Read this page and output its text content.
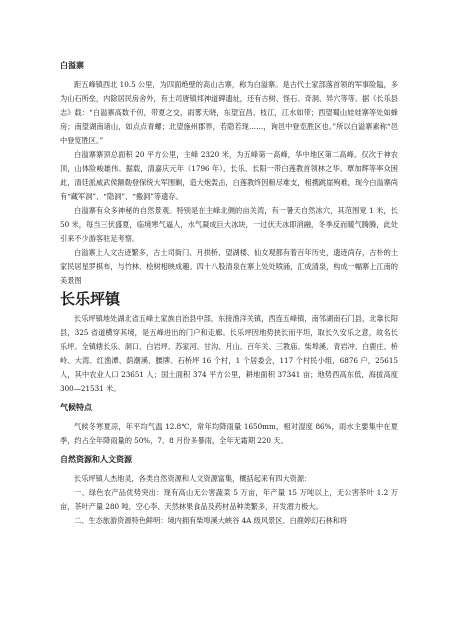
白溢寨

距五峰镇西北 10.5 公里，为四面绝壁的高山古寨，称为白溢寨。是古代土家部落首领的军事险隘，多为山石所垒，内除居民房舍外，有土司唐镇邦神道碑遗址，还有古树、怪石、奇洞、异穴等等。据《长乐县志》载：“白溢寨高数千仞，带夏之交，雨雾天晓，东望宜昌、枝江，江水如带；西望蜀山娃娃寨等处如蜂房；南望湖南诸山，如点点青螺；北望施州郡界，若隐若现……，询邑中登览胜区也。”所以白溢寨素称“邑中登览胜区。”

白溢寨寨顶总面积 20 平方公里，主峰 2320 米，为五峰第一高峰，华中地区第二高峰。仅次于神农顶，山体险峻雄伟。据载，清嘉庆元年（1796 年），长乐、长阳一带白莲教首领林之华、覃加辉等率众困此，清廷派威武侯额勒登保统大军围剿，造大炮轰击，白莲教终因粮尽难支，相携跳崖殉难，现今白溢寨尚有“藏军洞”、“隐洞”、“搬洞”等遗存。

白溢寨有众多神秘的自然景观。特别是在主峰北侧的亩关湾，有一暑天自然冰穴，其范围宽 1 米，长 50 米，每当三伏盛夏，临境寒气逼人，水气凝成巨大冰块，一过伏天冰即消融，冬季反而暖气腾腾，此处引来不少游客驻足考察。

白溢寨上人文古迹繁多，古土司衙门、月拱桥、望湖楼、仙女观都有着百年历史，遗迹尚存，古朴的土家民居星罗棋布，与竹林、桧树相映成趣。四十八股清泉在寨上处处喷涌，汇成清泉，构成一幅寨上江南的美景图

长乐坪镇

长乐坪镇地处湖北省五峰土家族自治县中部，东接渔洋关镇，西连五峰镇，南邻湖南石门县，北靠长阳县，325 省道横穿其境，是五峰进出的门户和走廊。长乐坪因地势狭长而平坦，取长久安乐之意，故名长乐坪。全镇辖长乐、洞口、白岩坪、苏家河、甘沟、月山、百年关、三教庙、柴埠溪、青岩冲、白鹿庄、桥岭、大湾、红渔潭、荫潮溪、腰牌、石桥坪 16 个村，1 个居委会，117 个村民小组，6876 户，25615 人，其中农业人口 23651 人；国土面积 374 平方公里，耕地面积 37341 亩；地势西高东低，海拔高度 300—21531 米。

气候特点

气候冬寒夏凉，年平均气温 12.8℃，常年均降雨量 1650mm，相对湿度 86%，雨水主要集中在夏季，约占全年降雨量的 50%，7、8 月份多暴雨，全年无霜期 220 天。

自然资源和人文资源

长乐坪镇人杰地灵，各类自然资源和人文资源富集，概括起来有四大资源：

一、绿色农产品优势突出：现有高山无公害蔬菜 5 万亩，年产量 15 万吨以上，无公害茶叶 1.2 万亩，茶叶产量 280 吨，空心李、天然林果食品及药材品种类繁多，开发潜力极大。

二、生态旅游资源特色鲜明：境内拥有柴埠溪大峡谷 4A 级风景区、白鹿婷幻石林和将
